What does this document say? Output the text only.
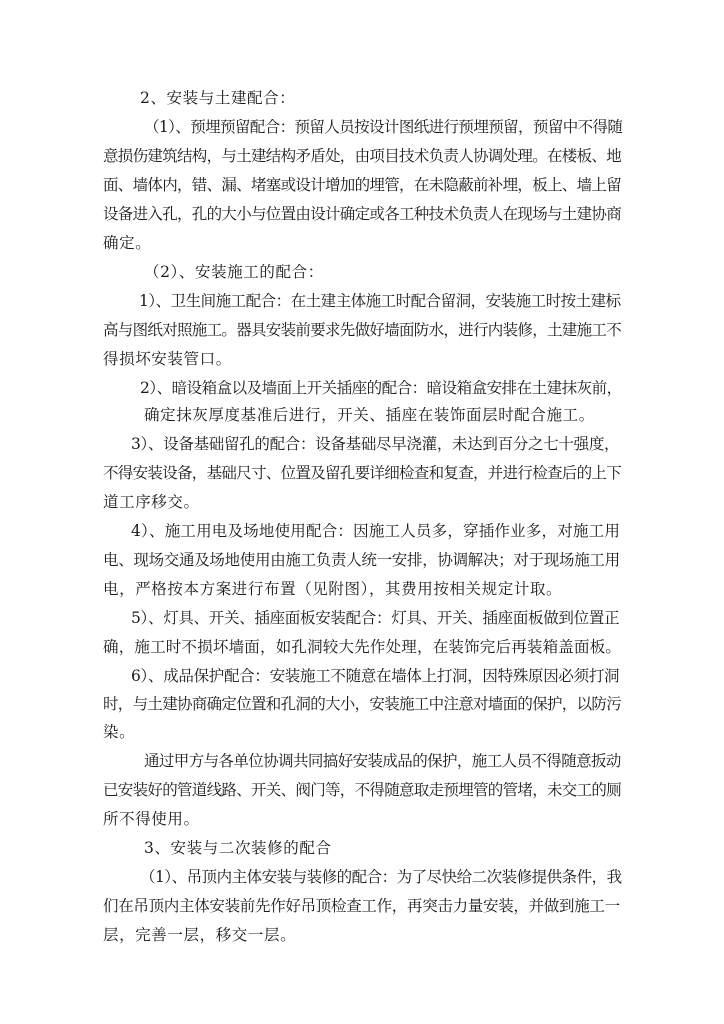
2、安装与土建配合：
（1）、预埋预留配合：预留人员按设计图纸进行预埋预留，预留中不得随
意损伤建筑结构，与土建结构矛盾处，由项目技术负责人协调处理。在楼板、地
面、墙体内，错、漏、堵塞或设计增加的埋管，在未隐蔽前补埋，板上、墙上留
设备进入孔，孔的大小与位置由设计确定或各工种技术负责人在现场与土建协商
确定。
（2）、安装施工的配合：
1）、卫生间施工配合：在土建主体施工时配合留洞，安装施工时按土建标
高与图纸对照施工。器具安装前要求先做好墙面防水，进行内装修，土建施工不
得损坏安装管口。
2）、暗设箱盒以及墙面上开关插座的配合：暗设箱盒安排在土建抹灰前，
确定抹灰厚度基准后进行，开关、插座在装饰面层时配合施工。
3）、设备基础留孔的配合：设备基础尽早浇灌，未达到百分之七十强度，
不得安装设备，基础尺寸、位置及留孔要详细检查和复查，并进行检查后的上下
道工序移交。
4）、施工用电及场地使用配合：因施工人员多，穿插作业多，对施工用
电、现场交通及场地使用由施工负责人统一安排，协调解决；对于现场施工用
电，严格按本方案进行布置（见附图），其费用按相关规定计取。
5）、灯具、开关、插座面板安装配合：灯具、开关、插座面板做到位置正
确，施工时不损坏墙面，如孔洞较大先作处理，在装饰完后再装箱盖面板。
6）、成品保护配合：安装施工不随意在墙体上打洞，因特殊原因必须打洞
时，与土建协商确定位置和孔洞的大小，安装施工中注意对墙面的保护，以防污
染。
通过甲方与各单位协调共同搞好安装成品的保护，施工人员不得随意扳动
已安装好的管道线路、开关、阀门等，不得随意取走预埋管的管堵，未交工的厕
所不得使用。
3、安装与二次装修的配合
（1）、吊顶内主体安装与装修的配合：为了尽快给二次装修提供条件，我
们在吊顶内主体安装前先作好吊顶检查工作，再突击力量安装，并做到施工一
层，完善一层，移交一层。
